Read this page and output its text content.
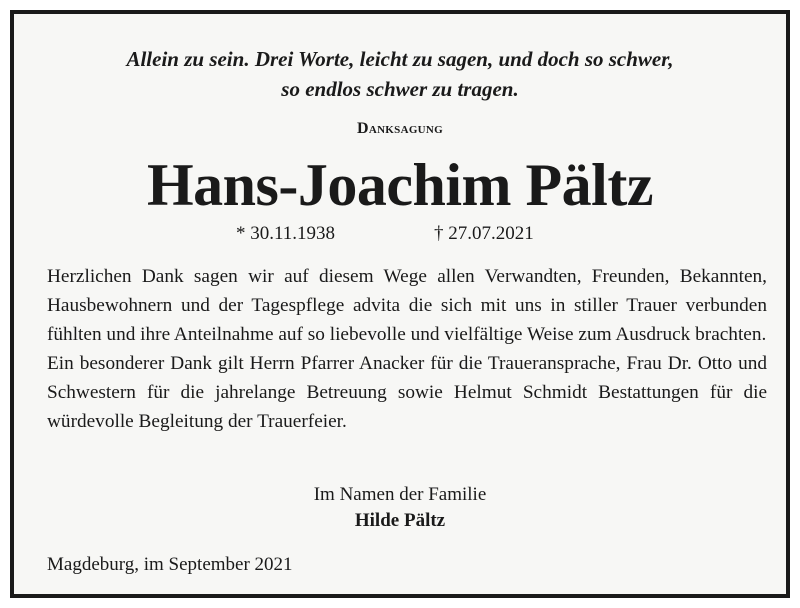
Allein zu sein. Drei Worte, leicht zu sagen, und doch so schwer,
so endlos schwer zu tragen.
Danksagung
Hans-Joachim Pältz
* 30.11.1938	† 27.07.2021

Herzlichen Dank sagen wir auf diesem Wege allen Verwandten, Freunden, Bekannten, Hausbewohnern und der Tagespflege advita die sich mit uns in stiller Trauer verbunden fühlten und ihre Anteilnahme auf so liebevolle und vielfältige Weise zum Ausdruck brachten.

Ein besonderer Dank gilt Herrn Pfarrer Anacker für die Traueransprache, Frau Dr. Otto und Schwestern für die jahrelange Betreuung sowie Helmut Schmidt Bestattungen für die würdevolle Begleitung der Trauerfeier.

Im Namen der Familie
Hilde Pältz
Magdeburg, im September 2021
